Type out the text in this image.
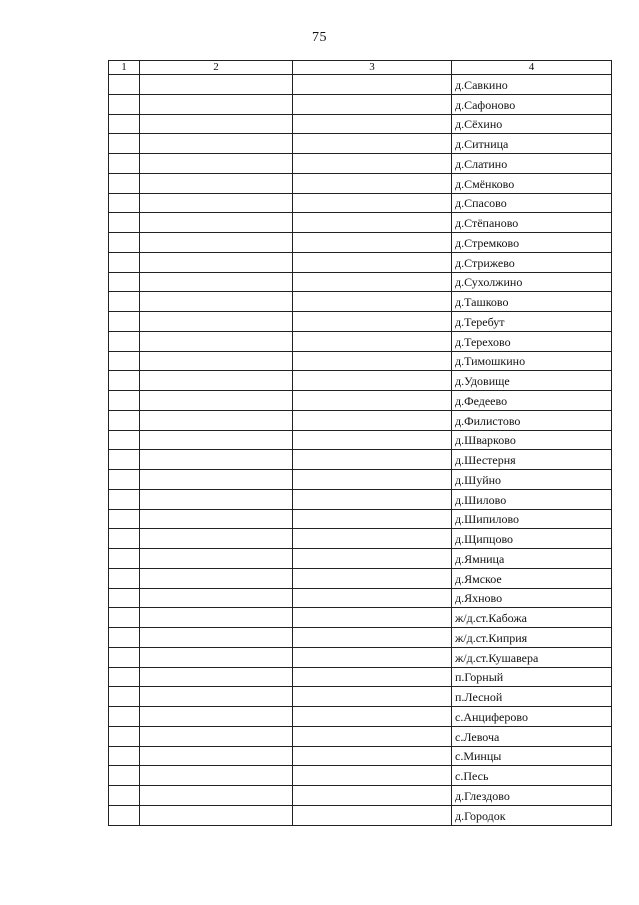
75
1	2	3	4
			д.Савкино
			д.Сафоново
			д.Сёхино
			д.Ситница
			д.Слатино
			д.Смёнково
			д.Спасово
			д.Стёпаново
			д.Стремково
			д.Стрижево
			д.Сухолжино
			д.Ташково
			д.Теребут
			д.Терехово
			д.Тимошкино
			д.Удовище
			д.Федеево
			д.Филистово
			д.Шварково
			д.Шестерня
			д.Шуйно
			д.Шилово
			д.Шипилово
			д.Щипцово
			д.Ямница
			д.Ямское
			д.Яхново
			ж/д.ст.Кабожа
			ж/д.ст.Киприя
			ж/д.ст.Кушавера
			п.Горный
			п.Лесной
			с.Анциферово
			с.Левоча
			с.Минцы
			с.Песь
			д.Глездово
			д.Городок
